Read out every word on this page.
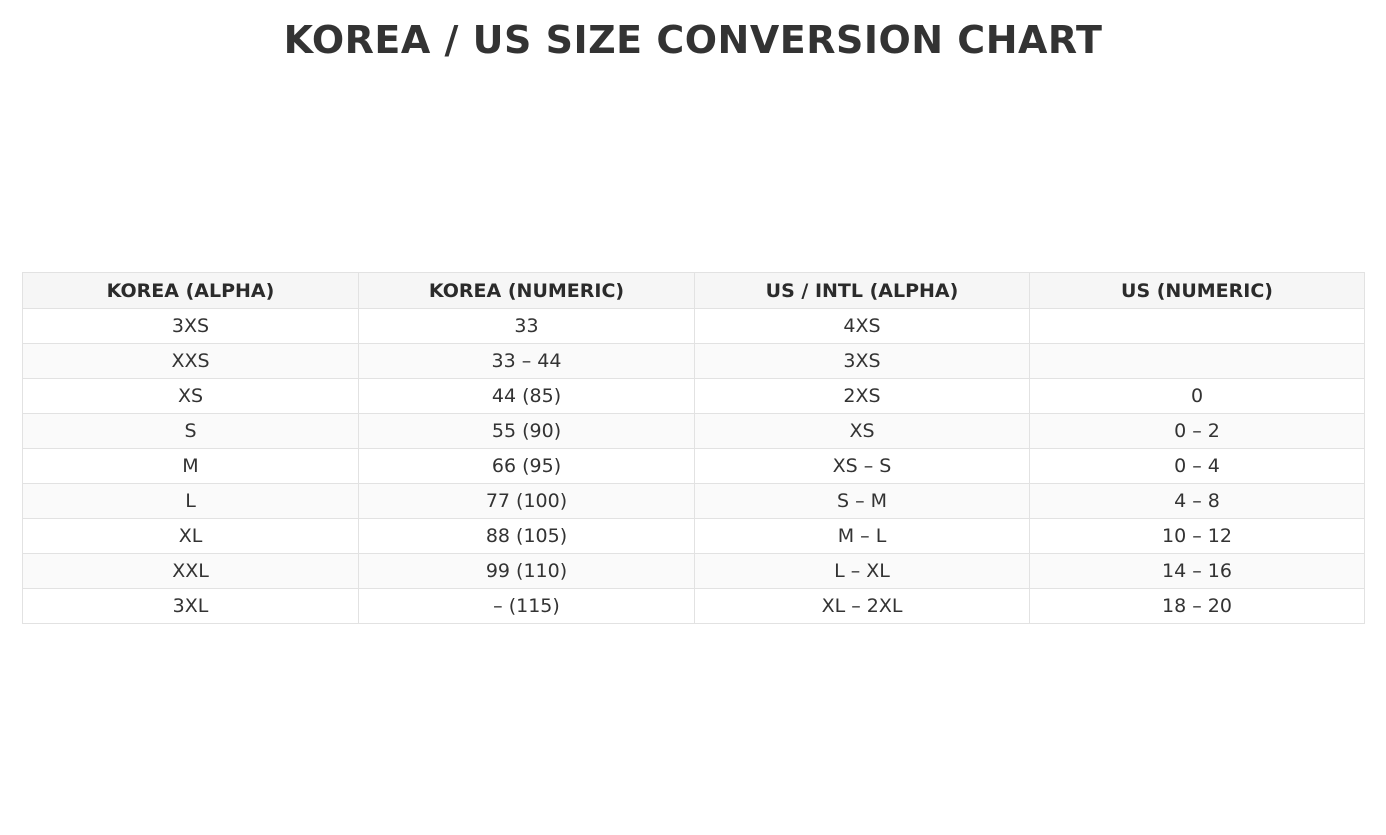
KOREA / US SIZE CONVERSION CHART
KOREA (ALPHA)	KOREA (NUMERIC)	US / INTL (ALPHA)	US (NUMERIC)
3XS	33	4XS	
XXS	33 – 44	3XS	
XS	44 (85)	2XS	0
S	55 (90)	XS	0 – 2
M	66 (95)	XS – S	0 – 4
L	77 (100)	S – M	4 – 8
XL	88 (105)	M – L	10 – 12
XXL	99 (110)	L – XL	14 – 16
3XL	– (115)	XL – 2XL	18 – 20
